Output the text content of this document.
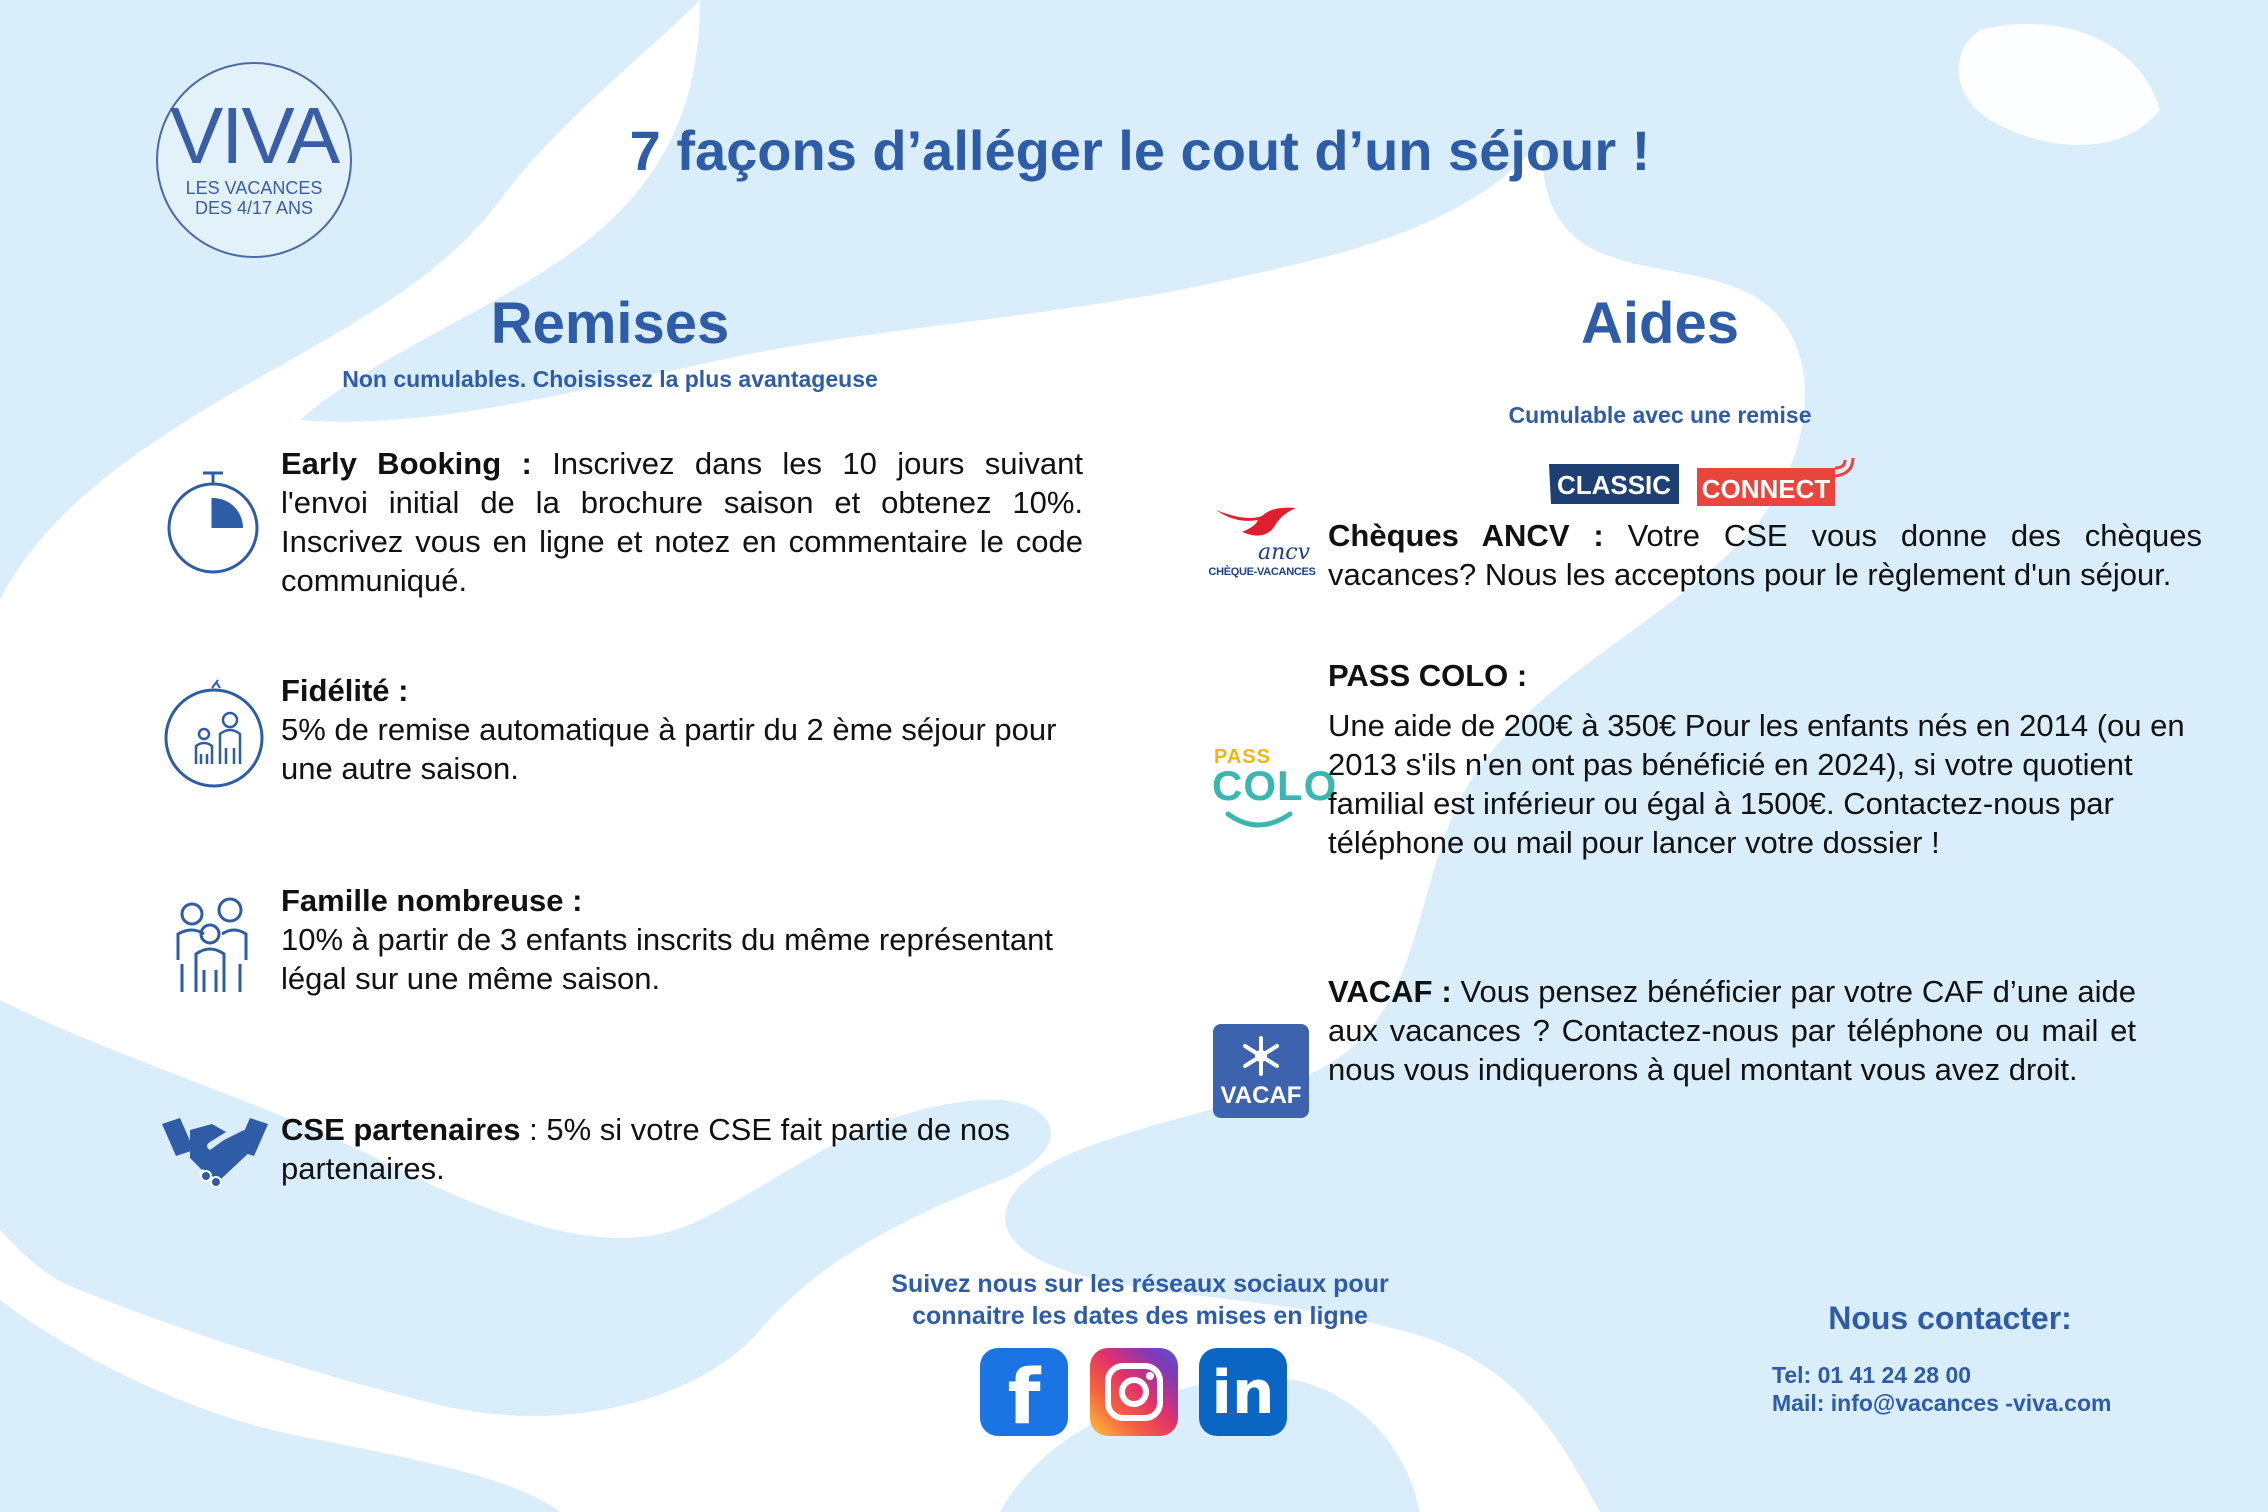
VIVA
LES VACANCES
DES 4/17 ANS
7 façons d’alléger le cout d’un séjour !
Remises
Non cumulables. Choisissez la plus avantageuse
Early Booking : Inscrivez dans les 10 jours suivant l'envoi initial de la brochure saison et obtenez 10%. Inscrivez vous en ligne et notez en commentaire le code communiqué.
Fidélité :
5% de remise automatique à partir du 2 ème séjour pour une autre saison.
Famille nombreuse :
10% à partir de 3 enfants inscrits du même représentant légal sur une même saison.
CSE partenaires : 5% si votre CSE fait partie de nos partenaires.
Aides
Cumulable avec une remise
CLASSIC CONNECT
ancv
CHÈQUE-VACANCES
Chèques ANCV : Votre CSE vous donne des chèques vacances? Nous les acceptons pour le règlement d'un séjour.
PASS COLO :
PASS
COLO
Une aide de 200€ à 350€ Pour les enfants nés en 2014 (ou en 2013 s'ils n'en ont pas bénéficié en 2024), si votre quotient familial est inférieur ou égal à 1500€. Contactez-nous par téléphone ou mail pour lancer votre dossier !
VACAF
VACAF : Vous pensez bénéficier par votre CAF d’une aide aux vacances ? Contactez-nous par téléphone ou mail et nous vous indiquerons à quel montant vous avez droit.
Suivez nous sur les réseaux sociaux pour
connaitre les dates des mises en ligne
f	in
Nous contacter:
Tel: 01 41 24 28 00
Mail: info@vacances -viva.com
